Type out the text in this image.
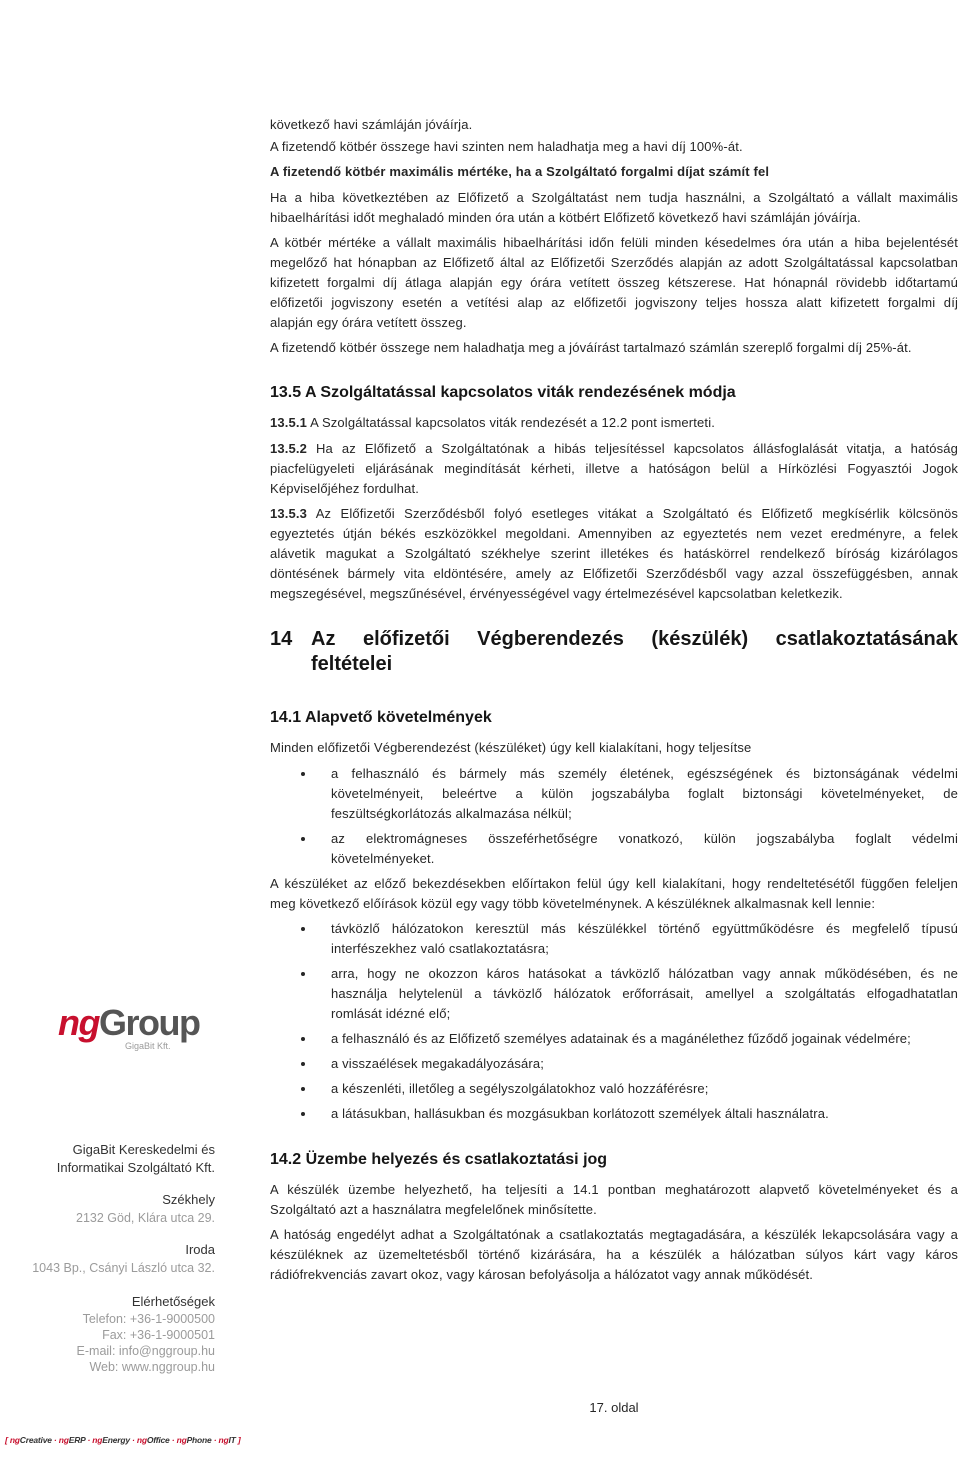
ngGroup
GigaBit Kft.
GigaBit Kereskedelmi és
Informatikai Szolgáltató Kft.
Székhely
2132 Göd, Klára utca 29.
Iroda
1043 Bp., Csányi László utca 32.
Elérhetőségek
Telefon: +36-1-9000500
Fax: +36-1-9000501
E-mail: info@nggroup.hu
Web: www.nggroup.hu
következő havi számláján jóváírja.
A fizetendő kötbér összege havi szinten nem haladhatja meg a havi díj 100%-át.
A fizetendő kötbér maximális mértéke, ha a Szolgáltató forgalmi díjat számít fel
Ha a hiba következtében az Előfizető a Szolgáltatást nem tudja használni, a Szolgáltató a vállalt maximális
hibaelhárítási időt meghaladó minden óra után a kötbért Előfizető következő havi számláján jóváírja.
A kötbér mértéke a vállalt maximális hibaelhárítási időn felüli minden késedelmes óra után a hiba bejelentését
megelőző hat hónapban az Előfizető által az Előfizetői Szerződés alapján az adott Szolgáltatással kapcsolatban
kifizetett forgalmi díj átlaga alapján egy órára vetített összeg kétszerese. Hat hónapnál rövidebb időtartamú
előfizetői jogviszony esetén a vetítési alap az előfizetői jogviszony teljes hossza alatt kifizetett forgalmi díj
alapján egy órára vetített összeg.
A fizetendő kötbér összege nem haladhatja meg a jóváírást tartalmazó számlán szereplő forgalmi díj 25%-át.
13.5 A Szolgáltatással kapcsolatos viták rendezésének módja
13.5.1 A Szolgáltatással kapcsolatos viták rendezését a 12.2 pont ismerteti.
13.5.2 Ha az Előfizető a Szolgáltatónak a hibás teljesítéssel kapcsolatos állásfoglalását vitatja, a hatóság
piacfelügyeleti eljárásának megindítását kérheti, illetve a hatóságon belül a Hírközlési Fogyasztói Jogok
Képviselőjéhez fordulhat.
13.5.3 Az Előfizetői Szerződésből folyó esetleges vitákat a Szolgáltató és Előfizető megkísérlik kölcsönös
egyeztetés útján békés eszközökkel megoldani. Amennyiben az egyeztetés nem vezet eredményre, a felek
alávetik magukat a Szolgáltató székhelye szerint illetékes és hatáskörrel rendelkező bíróság kizárólagos
döntésének bármely vita eldöntésére, amely az Előfizetői Szerződésből vagy azzal összefüggésben, annak
megszegésével, megszűnésével, érvényességével vagy értelmezésével kapcsolatban keletkezik.
14 Az előfizetői Végberendezés (készülék) csatlakoztatásának
feltételei
14.1 Alapvető követelmények
Minden előfizetői Végberendezést (készüléket) úgy kell kialakítani, hogy teljesítse
a felhasználó és bármely más személy életének, egészségének és biztonságának védelmi
követelményeit, beleértve a külön jogszabályba foglalt biztonsági követelményeket, de
feszültségkorlátozás alkalmazása nélkül;
az elektromágneses összeférhetőségre vonatkozó, külön jogszabályba foglalt védelmi
követelményeket.
A készüléket az előző bekezdésekben előírtakon felül úgy kell kialakítani, hogy rendeltetésétől függően feleljen
meg következő előírások közül egy vagy több követelménynek. A készüléknek alkalmasnak kell lennie:
távközlő hálózatokon keresztül más készülékkel történő együttműködésre és megfelelő típusú
interfészekhez való csatlakoztatásra;
arra, hogy ne okozzon káros hatásokat a távközlő hálózatban vagy annak működésében, és ne
használja helytelenül a távközlő hálózatok erőforrásait, amellyel a szolgáltatás elfogadhatatlan
romlását idézné elő;
a felhasználó és az Előfizető személyes adatainak és a magánélethez fűződő jogainak védelmére;
a visszaélések megakadályozására;
a készenléti, illetőleg a segélyszolgálatokhoz való hozzáférésre;
a látásukban, hallásukban és mozgásukban korlátozott személyek általi használatra.
14.2 Üzembe helyezés és csatlakoztatási jog
A készülék üzembe helyezhető, ha teljesíti a 14.1 pontban meghatározott alapvető követelményeket és a
Szolgáltató azt a használatra megfelelőnek minősítette.
A hatóság engedélyt adhat a Szolgáltatónak a csatlakoztatás megtagadására, a készülék lekapcsolására vagy a
készüléknek az üzemeltetésből történő kizárására, ha a készülék a hálózatban súlyos kárt vagy káros
rádiófrekvenciás zavart okoz, vagy károsan befolyásolja a hálózatot vagy annak működését.
17. oldal
[ ngCreative · ngERP · ngEnergy · ngOffice · ngPhone · ngIT ]
